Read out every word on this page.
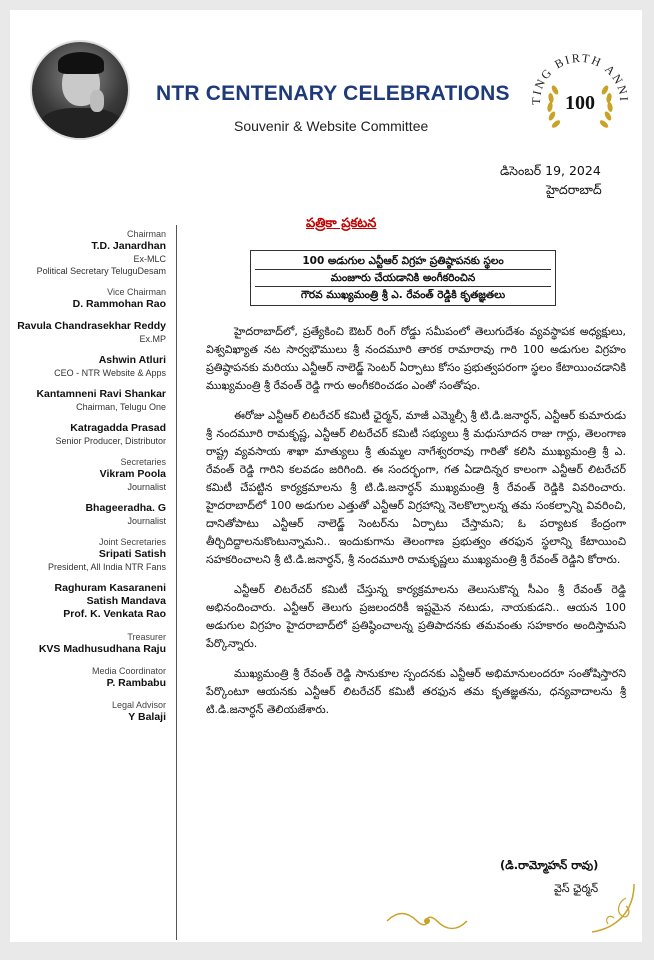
NTR CENTENARY CELEBRATIONS
Souvenir & Website Committee
TING BIRTH ANNI
100
డిసెంబర్ 19, 2024
హైదరాబాద్
Chairman
T.D. Janardhan
Ex-MLC
Political Secretary TeluguDesam
Vice Chairman
D. Rammohan Rao
Ravula Chandrasekhar Reddy
Ex.MP
Ashwin Atluri
CEO - NTR Website & Apps
Kantamneni Ravi Shankar
Chairman, Telugu One
Katragadda Prasad
Senior Producer, Distributor
Secretaries
Vikram Poola
Journalist
Bhageeradha. G
Journalist
Joint Secretaries
Sripati Satish
President, All India NTR Fans
Raghuram Kasaraneni
Satish Mandava
Prof. K. Venkata Rao
Treasurer
KVS Madhusudhana Raju
Media Coordinator
P. Rambabu
Legal Advisor
Y Balaji
పత్రికా ప్రకటన
100 అడుగుల ఎన్టీఆర్ విగ్రహ ప్రతిష్ఠాపనకు స్థలం
మంజూరు చేయడానికి అంగీకరించిన
గౌరవ ముఖ్యమంత్రి శ్రీ ఎ. రేవంత్ రెడ్డికి కృతజ్ఞతలు

హైదరాబాద్‌లో, ప్రత్యేకించి ఔటర్ రింగ్ రోడ్డు సమీపంలో తెలుగుదేశం వ్యవస్థాపక అధ్యక్షులు, విశ్వవిఖ్యాత నట సార్వభౌములు శ్రీ నందమూరి తారక రామారావు గారి 100 అడుగుల విగ్రహం ప్రతిష్ఠాపనకు మరియు ఎన్టీఆర్ నాలెడ్జ్ సెంటర్ ఏర్పాటు కోసం ప్రభుత్వపరంగా స్థలం కేటాయించడానికి ముఖ్యమంత్రి శ్రీ రేవంత్ రెడ్డి గారు అంగీకరించడం ఎంతో సంతోషం.

ఈరోజు ఎన్టీఆర్ లిటరేచర్ కమిటీ ఛైర్మన్, మాజీ ఎమ్మెల్సీ శ్రీ టి.డి.జనార్ధన్, ఎన్టీఆర్ కుమారుడు శ్రీ నందమూరి రామకృష్ణ, ఎన్టీఆర్ లిటరేచర్ కమిటీ సభ్యులు శ్రీ మధుసూదన రాజు గార్లు, తెలంగాణ రాష్ట్ర వ్యవసాయ శాఖా మాత్యులు శ్రీ తుమ్మల నాగేశ్వరరావు గారితో కలిసి ముఖ్యమంత్రి శ్రీ ఎ. రేవంత్ రెడ్డి గారిని కలవడం జరిగింది. ఈ సందర్భంగా, గత ఏడాదిన్నర కాలంగా ఎన్టీఆర్ లిటరేచర్ కమిటీ చేపట్టిన కార్యక్రమాలను శ్రీ టి.డి.జనార్ధన్ ముఖ్యమంత్రి శ్రీ రేవంత్ రెడ్డికి వివరించారు. హైదరాబాద్‌లో 100 అడుగుల ఎత్తుతో ఎన్టీఆర్ విగ్రహాన్ని నెలకొల్పాలన్న తమ సంకల్పాన్ని వివరించి, దానితోపాటు ఎన్టీఆర్ నాలెడ్జ్ సెంటర్‌ను ఏర్పాటు చేస్తామని; ఓ పర్యాటక కేంద్రంగా తీర్చిదిద్దాలనుకొంటున్నామని.. ఇందుకుగాను తెలంగాణ ప్రభుత్వం తరఫున స్థలాన్ని కేటాయించి సహకరించాలని శ్రీ టి.డి.జనార్ధన్, శ్రీ నందమూరి రామకృష్ణలు ముఖ్యమంత్రి శ్రీ రేవంత్ రెడ్డిని కోరారు.

ఎన్టీఆర్ లిటరేచర్ కమిటీ చేస్తున్న కార్యక్రమాలను తెలుసుకొన్న సీఎం శ్రీ రేవంత్ రెడ్డి అభినందించారు. ఎన్టీఆర్ తెలుగు ప్రజలందరికీ ఇష్టమైన నటుడు, నాయకుడని.. ఆయన 100 అడుగుల విగ్రహం హైదరాబాద్‌లో ప్రతిష్ఠించాలన్న ప్రతిపాదనకు తమవంతు సహకారం అందిస్తామని పేర్కొన్నారు.

ముఖ్యమంత్రి శ్రీ రేవంత్ రెడ్డి సానుకూల స్పందనకు ఎన్టీఆర్ అభిమానులందరూ సంతోషిస్తారని పేర్కొంటూ ఆయనకు ఎన్టీఆర్ లిటరేచర్ కమిటీ తరఫున తమ కృతజ్ఞతను, ధన్యవాదాలను శ్రీ టి.డి.జనార్ధన్ తెలియజేశారు.

(డి.రామ్మోహన్ రావు)
వైస్ ఛైర్మన్
